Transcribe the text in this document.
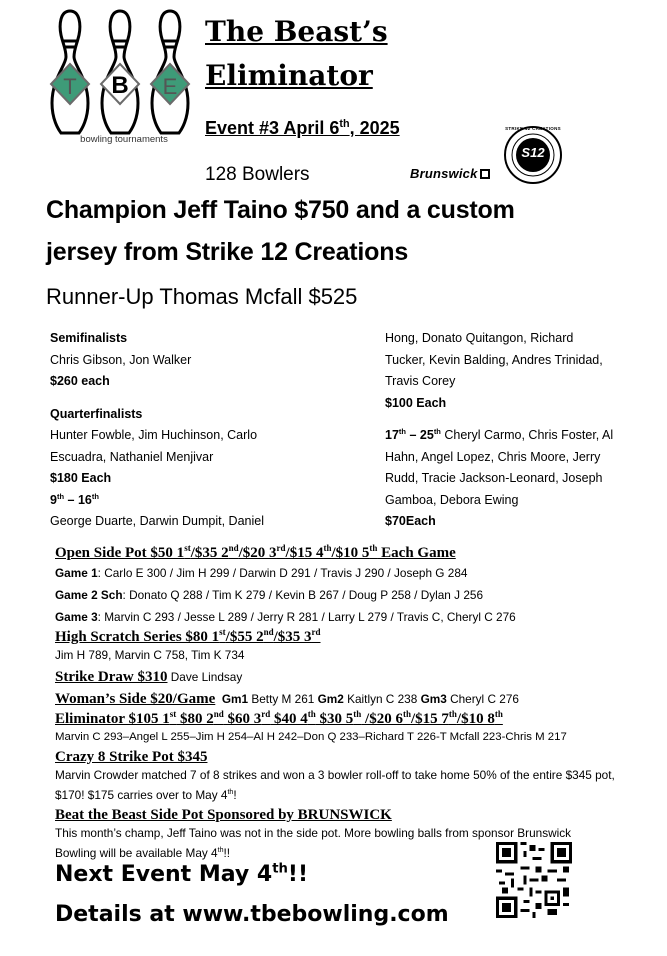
T B E
bowling tournaments
The Beast’s
Eliminator
Event #3 April 6th, 2025
128 Bowlers	Brunswick
S12
STRIKE 12 CREATIONS
Champion Jeff Taino $750 and a custom
jersey from Strike 12 Creations
Runner-Up Thomas Mcfall $525
Semifinalists
Chris Gibson, Jon Walker
$260 each
Quarterfinalists
Hunter Fowble, Jim Huchinson, Carlo
Escuadra, Nathaniel Menjivar
$180 Each
9th – 16th
George Duarte, Darwin Dumpit, Daniel
Hong, Donato Quitangon, Richard
Tucker, Kevin Balding, Andres Trinidad,
Travis Corey
$100 Each
17th – 25th Cheryl Carmo, Chris Foster, Al
Hahn, Angel Lopez, Chris Moore, Jerry
Rudd, Tracie Jackson-Leonard, Joseph
Gamboa, Debora Ewing
$70Each
Open Side Pot $50 1st/$35 2nd/$20 3rd/$15 4th/$10 5th Each Game
Game 1: Carlo E 300 / Jim H 299 / Darwin D 291 / Travis J 290 / Joseph G 284
Game 2 Sch: Donato Q 288 / Tim K 279 / Kevin B 267 / Doug P 258 / Dylan J 256
Game 3: Marvin C 293 / Jesse L 289 / Jerry R 281 / Larry L 279 / Travis C, Cheryl C 276
High Scratch Series $80 1st/$55 2nd/$35 3rd
Jim H 789, Marvin C 758, Tim K 734
Strike Draw $310 Dave Lindsay
Woman’s Side $20/Game Gm1 Betty M 261 Gm2 Kaitlyn C 238 Gm3 Cheryl C 276
Eliminator $105 1st $80 2nd $60 3rd $40 4th $30 5th /$20 6th/$15 7th/$10 8th
Marvin C 293–Angel L 255–Jim H 254–Al H 242–Don Q 233–Richard T 226-T Mcfall 223-Chris M 217
Crazy 8 Strike Pot $345
Marvin Crowder matched 7 of 8 strikes and won a 3 bowler roll-off to take home 50% of the entire $345 pot, $170! $175 carries over to May 4th!
Beat the Beast Side Pot Sponsored by BRUNSWICK
This month’s champ, Jeff Taino was not in the side pot. More bowling balls from sponsor Brunswick Bowling will be available May 4th!!
Next Event May 4th!!
Details at www.tbebowling.com
